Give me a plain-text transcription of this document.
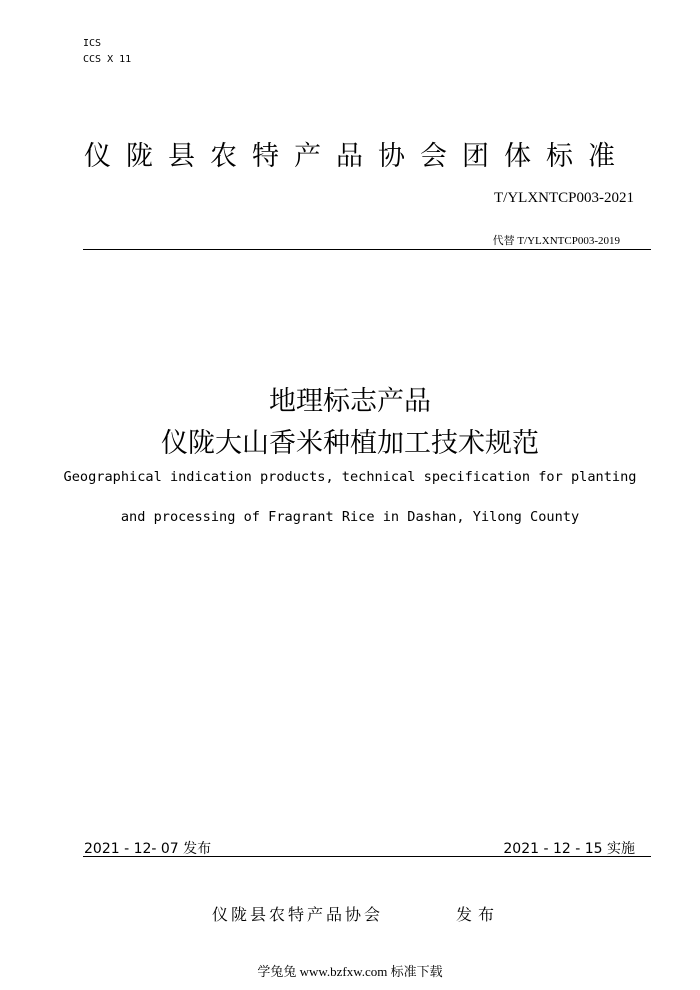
ICS
CCS X 11
仪陇县农特产品协会团体标准
T/YLXNTCP003-2021
代替 T/YLXNTCP003-2019
地理标志产品
仪陇大山香米种植加工技术规范
Geographical indication products, technical specification for planting
and processing of Fragrant Rice in Dashan, Yilong County
2021 - 12- 07 发布	2021 - 12 - 15 实施
仪陇县农特产品协会	发布
学兔兔 www.bzfxw.com 标准下载
